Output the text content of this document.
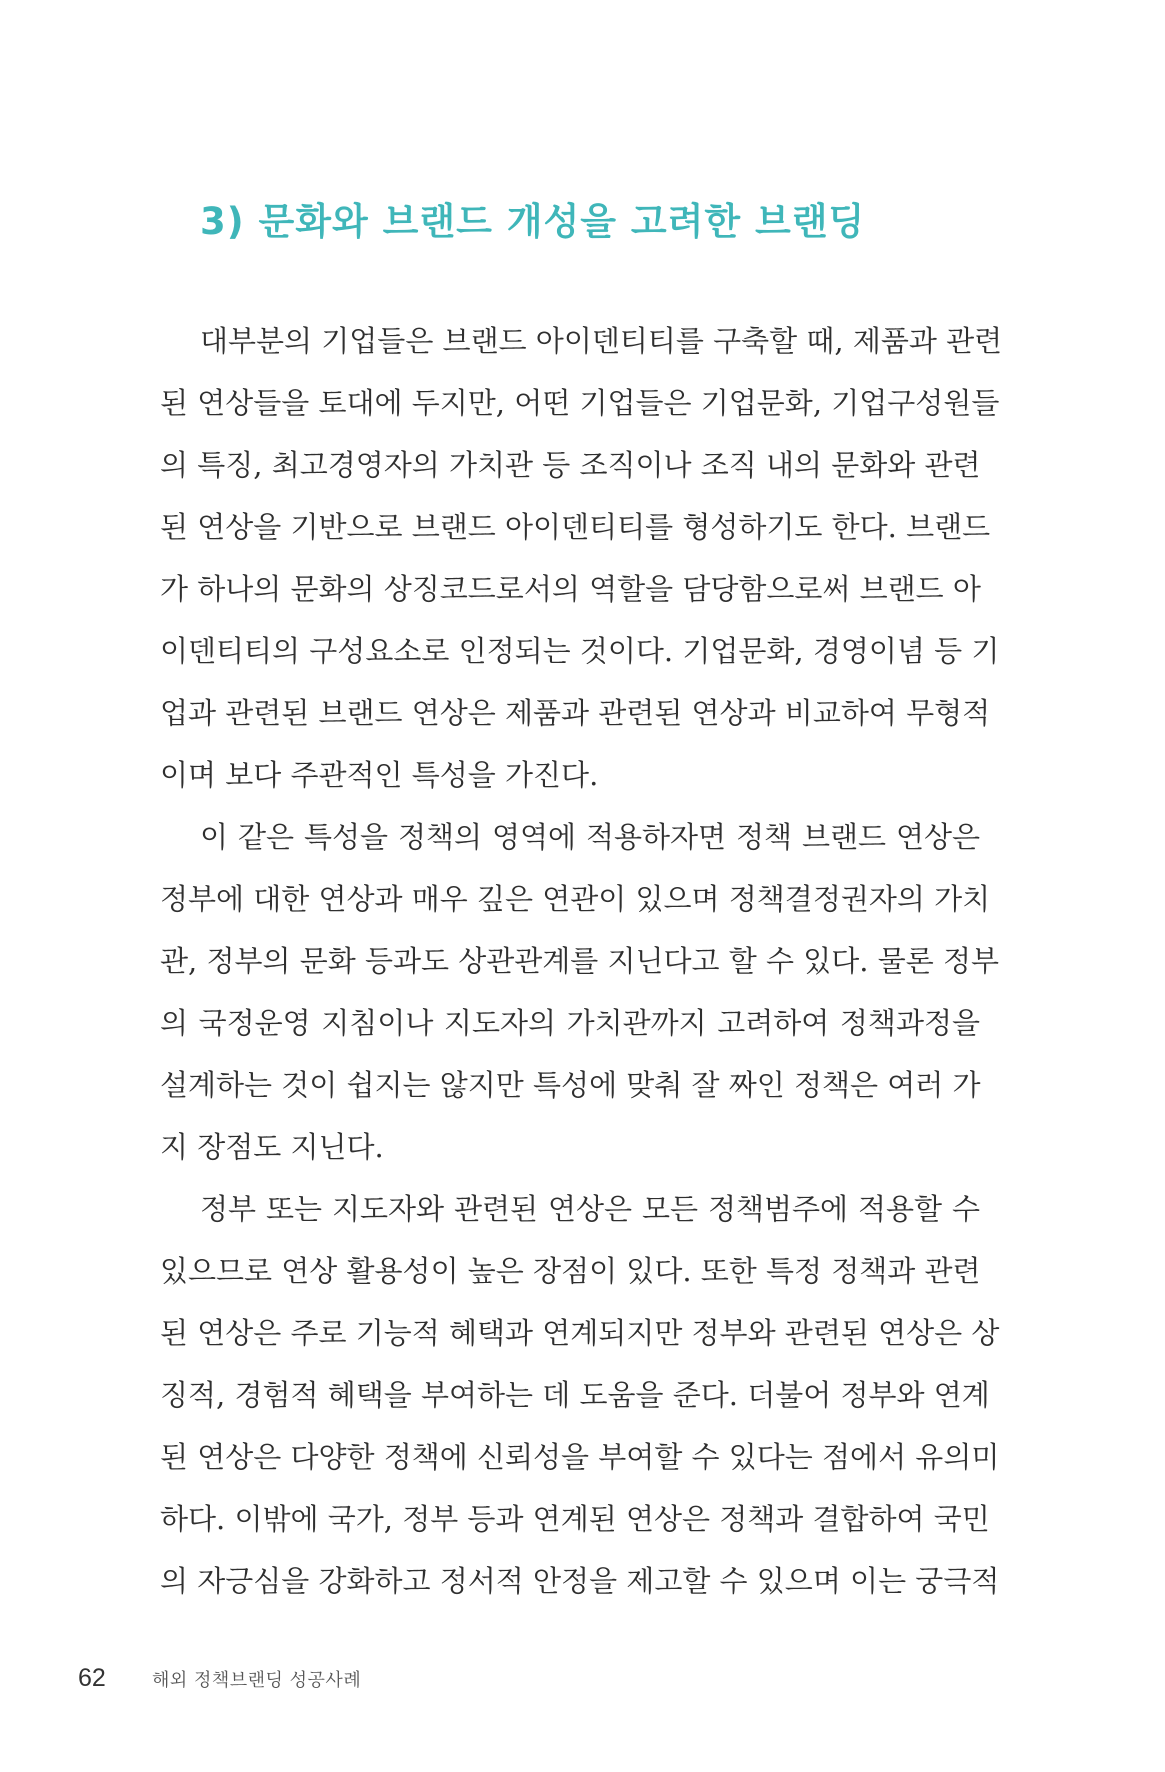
3) 문화와 브랜드 개성을 고려한 브랜딩
대부분의 기업들은 브랜드 아이덴티티를 구축할 때, 제품과 관련
된 연상들을 토대에 두지만, 어떤 기업들은 기업문화, 기업구성원들
의 특징, 최고경영자의 가치관 등 조직이나 조직 내의 문화와 관련
된 연상을 기반으로 브랜드 아이덴티티를 형성하기도 한다. 브랜드
가 하나의 문화의 상징코드로서의 역할을 담당함으로써 브랜드 아
이덴티티의 구성요소로 인정되는 것이다. 기업문화, 경영이념 등 기
업과 관련된 브랜드 연상은 제품과 관련된 연상과 비교하여 무형적
이며 보다 주관적인 특성을 가진다.
이 같은 특성을 정책의 영역에 적용하자면 정책 브랜드 연상은
정부에 대한 연상과 매우 깊은 연관이 있으며 정책결정권자의 가치
관, 정부의 문화 등과도 상관관계를 지닌다고 할 수 있다. 물론 정부
의 국정운영 지침이나 지도자의 가치관까지 고려하여 정책과정을
설계하는 것이 쉽지는 않지만 특성에 맞춰 잘 짜인 정책은 여러 가
지 장점도 지닌다.
정부 또는 지도자와 관련된 연상은 모든 정책범주에 적용할 수
있으므로 연상 활용성이 높은 장점이 있다. 또한 특정 정책과 관련
된 연상은 주로 기능적 혜택과 연계되지만 정부와 관련된 연상은 상
징적, 경험적 혜택을 부여하는 데 도움을 준다. 더불어 정부와 연계
된 연상은 다양한 정책에 신뢰성을 부여할 수 있다는 점에서 유의미
하다. 이밖에 국가, 정부 등과 연계된 연상은 정책과 결합하여 국민
의 자긍심을 강화하고 정서적 안정을 제고할 수 있으며 이는 궁극적
62	해외 정책브랜딩 성공사례
